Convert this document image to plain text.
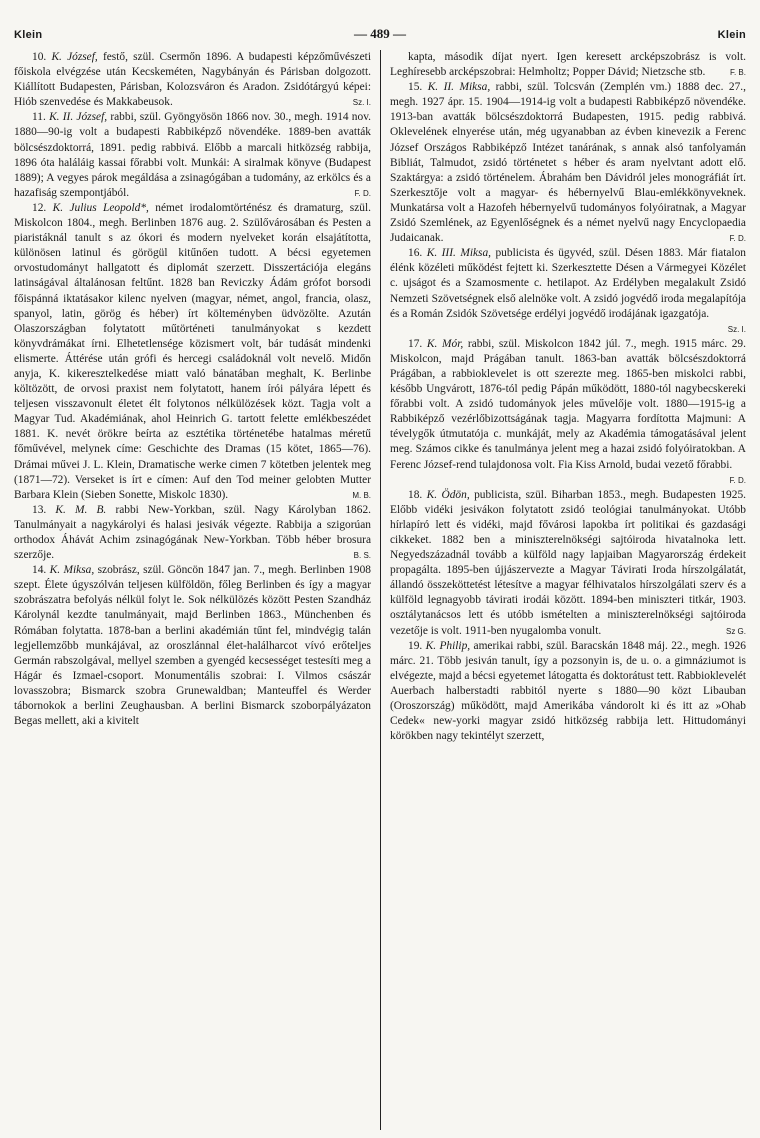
Klein	— 489 —	Klein

10. K. József, festő, szül. Csermőn 1896. A budapesti képzőművészeti főiskola elvégzése után Kecskeméten, Nagybányán és Párisban dolgozott. Kiállított Budapesten, Párisban, Kolozsváron és Aradon. Zsidótárgyú képei: Hiób szenvedése és Makkabeusok.	Sz. I.

11. K. II. József, rabbi, szül. Gyöngyösön 1866 nov. 30., megh. 1914 nov. 1880—90-ig volt a budapesti Rabbiképző növendéke. 1889-ben avatták bölcsészdoktorrá, 1891. pedig rabbivá. Előbb a marcali hitközség rabbija, 1896 óta haláláig kassai főrabbi volt. Munkái: A siralmak könyve (Budapest 1889); A vegyes párok megáldása a zsinagógában a tudomány, az erkölcs és a hazafiság szempontjából.	F. D.

12. K. Julius Leopold*, német irodalomtörténész és dramaturg, szül. Miskolcon 1804., megh. Berlinben 1876 aug. 2. Szülővárosában és Pesten a piaristáknál tanult s az ókori és modern nyelveket korán elsajátította, különösen latinul és görögül kitűnően tudott. A bécsi egyetemen orvostudományt hallgatott és diplomát szerzett. Disszertációja elegáns latinságával általánosan feltűnt. 1828 ban Reviczky Ádám grófot borsodi főispánná iktatásakor kilenc nyelven (magyar, német, angol, francia, olasz, spanyol, latin, görög és héber) írt költeményben üdvözölte. Azután Olaszországban folytatott műtörténeti tanulmányokat s kezdett könyvdrámákat írni. Elhetetlensége közismert volt, bár tudását mindenki elismerte. Áttérése után grófi és hercegi családoknál volt nevelő. Midőn anyja, K. kikeresztelkedése miatt való bánatában meghalt, K. Berlinbe költözött, de orvosi praxist nem folytatott, hanem írói pályára lépett és teljesen visszavonult életet élt folytonos nélkülözések közt. Tagja volt a Magyar Tud. Akadémiának, ahol Heinrich G. tartott felette emlékbeszédet 1881. K. nevét örökre beírta az esztétika történetébe hatalmas méretű főművével, melynek címe: Geschichte des Dramas (15 kötet, 1865—76). Drámai művei J. L. Klein, Dramatische werke cimen 7 kötetben jelentek meg (1871—72). Verseket is írt e címen: Auf den Tod meiner gelobten Mutter Barbara Klein (Sieben Sonette, Miskolc 1830).	M. B.

13. K. M. B. rabbi New-Yorkban, szül. Nagy Károlyban 1862. Tanulmányait a nagykárolyi és halasi jesivák végezte. Rabbija a szigorúan orthodox Áhávát Achim zsinagógának New-Yorkban. Több héber brosura szerzője.	B. S.

14. K. Miksa, szobrász, szül. Göncön 1847 jan. 7., megh. Berlinben 1908 szept. Élete úgyszólván teljesen külföldön, főleg Berlinben és így a magyar szobrászatra befolyás nélkül folyt le. Sok nélkülözés között Pesten Szandház Károlynál kezdte tanulmányait, majd Berlinben 1863., Münchenben és Rómában folytatta. 1878-ban a berlini akadémián tűnt fel, mindvégig talán legjellemzőbb munkájával, az oroszlánnal élet-halálharcot vívó erőteljes Germán rabszolgával, mellyel szemben a gyengéd kecsességet testesíti meg a Hágár és Izmael-csoport. Monumentális szobrai: I. Vilmos császár lovasszobra; Bismarck szobra Grunewaldban; Manteuffel és Werder tábornokok a berlini Zeughausban. A berlini Bismarck szoborpályázaton Begas mellett, aki a kivitelt

kapta, második díjat nyert. Igen keresett arcképszobrász is volt. Leghíresebb arcképszobrai: Helmholtz; Popper Dávid; Nietzsche stb.	F. B.

15. K. II. Miksa, rabbi, szül. Tolcsván (Zemplén vm.) 1888 dec. 27., megh. 1927 ápr. 15. 1904—1914-ig volt a budapesti Rabbiképző növendéke. 1913-ban avatták bölcsészdoktorrá Budapesten, 1915. pedig rabbivá. Oklevelének elnyerése után, még ugyanabban az évben kinevezik a Ferenc József Országos Rabbiképző Intézet tanárának, s annak alsó tanfolyamán Bibliát, Talmudot, zsidó történetet s héber és aram nyelvtant adott elő. Szaktárgya: a zsidó történelem. Ábrahám ben Dávidról jeles monográfiát írt. Szerkesztője volt a magyar- és hébernyelvű Blau-emlékkönyveknek. Munkatársa volt a Hazofeh hébernyelvű tudományos folyóiratnak, a Magyar Zsidó Szemlének, az Egyenlőségnek és a német nyelvű nagy Encyclopaedia Judaicanak.	F. D.

16. K. III. Miksa, publicista és ügyvéd, szül. Désen 1883. Már fiatalon élénk közéleti működést fejtett ki. Szerkesztette Désen a Vármegyei Közélet c. ujságot és a Szamosmente c. hetilapot. Az Erdélyben megalakult Zsidó Nemzeti Szövetségnek első alelnöke volt. A zsidó jogvédő iroda megalapítója és a Román Zsidók Szövetsége erdélyi jogvédő irodájának igazgatója.
Sz. I.

17. K. Mór, rabbi, szül. Miskolcon 1842 júl. 7., megh. 1915 márc. 29. Miskolcon, majd Prágában tanult. 1863-ban avatták bölcsészdoktorrá Prágában, a rabbioklevelet is ott szerezte meg. 1865-ben miskolci rabbi, később Ungvárott, 1876-tól pedig Pápán működött, 1880-tól nagybecskereki főrabbi volt. A zsidó tudományok jeles művelője volt. 1880—1915-ig a Rabbiképző vezérlőbizottságának tagja. Magyarra fordította Majmuni: A tévelygők útmutatója c. munkáját, mely az Akadémia támogatásával jelent meg. Számos cikke és tanulmánya jelent meg a hazai zsidó folyóiratokban. A Ferenc József-rend tulajdonosa volt. Fia Kiss Arnold, budai vezető főrabbi.
F. D.

18. K. Ödön, publicista, szül. Biharban 1853., megh. Budapesten 1925. Előbb vidéki jesivákon folytatott zsidó teológiai tanulmányokat. Utóbb hírlapíró lett és vidéki, majd fővárosi lapokba írt politikai és gazdasági cikkeket. 1882 ben a miniszterelnökségi sajtóiroda hivatalnoka lett. Negyedszázadnál tovább a külföld nagy lapjaiban Magyarország érdekeit propagálta. 1895-ben újjászervezte a Magyar Távirati Iroda hírszolgálatát, állandó összeköttetést létesítve a magyar félhivatalos hírszolgálati szerv és a külföld legnagyobb távirati irodái között. 1894-ben miniszteri titkár, 1903. osztálytanácsos lett és utóbb ismételten a miniszterelnökségi sajtóiroda vezetője is volt. 1911-ben nyugalomba vonult.	Sz G.

19. K. Philip, amerikai rabbi, szül. Baracskán 1848 máj. 22., megh. 1926 márc. 21. Több jesiván tanult, így a pozsonyin is, de u. o. a gimnáziumot is elvégezte, majd a bécsi egyetemet látogatta és doktorátust tett. Rabbioklevelét Auerbach halberstadti rabbitól nyerte s 1880—90 közt Libauban (Oroszország) működött, majd Amerikába vándorolt ki és itt az »Ohab Cedek« new-yorki magyar zsidó hitközség rabbija lett. Hittudományi körökben nagy tekintélyt szerzett,
